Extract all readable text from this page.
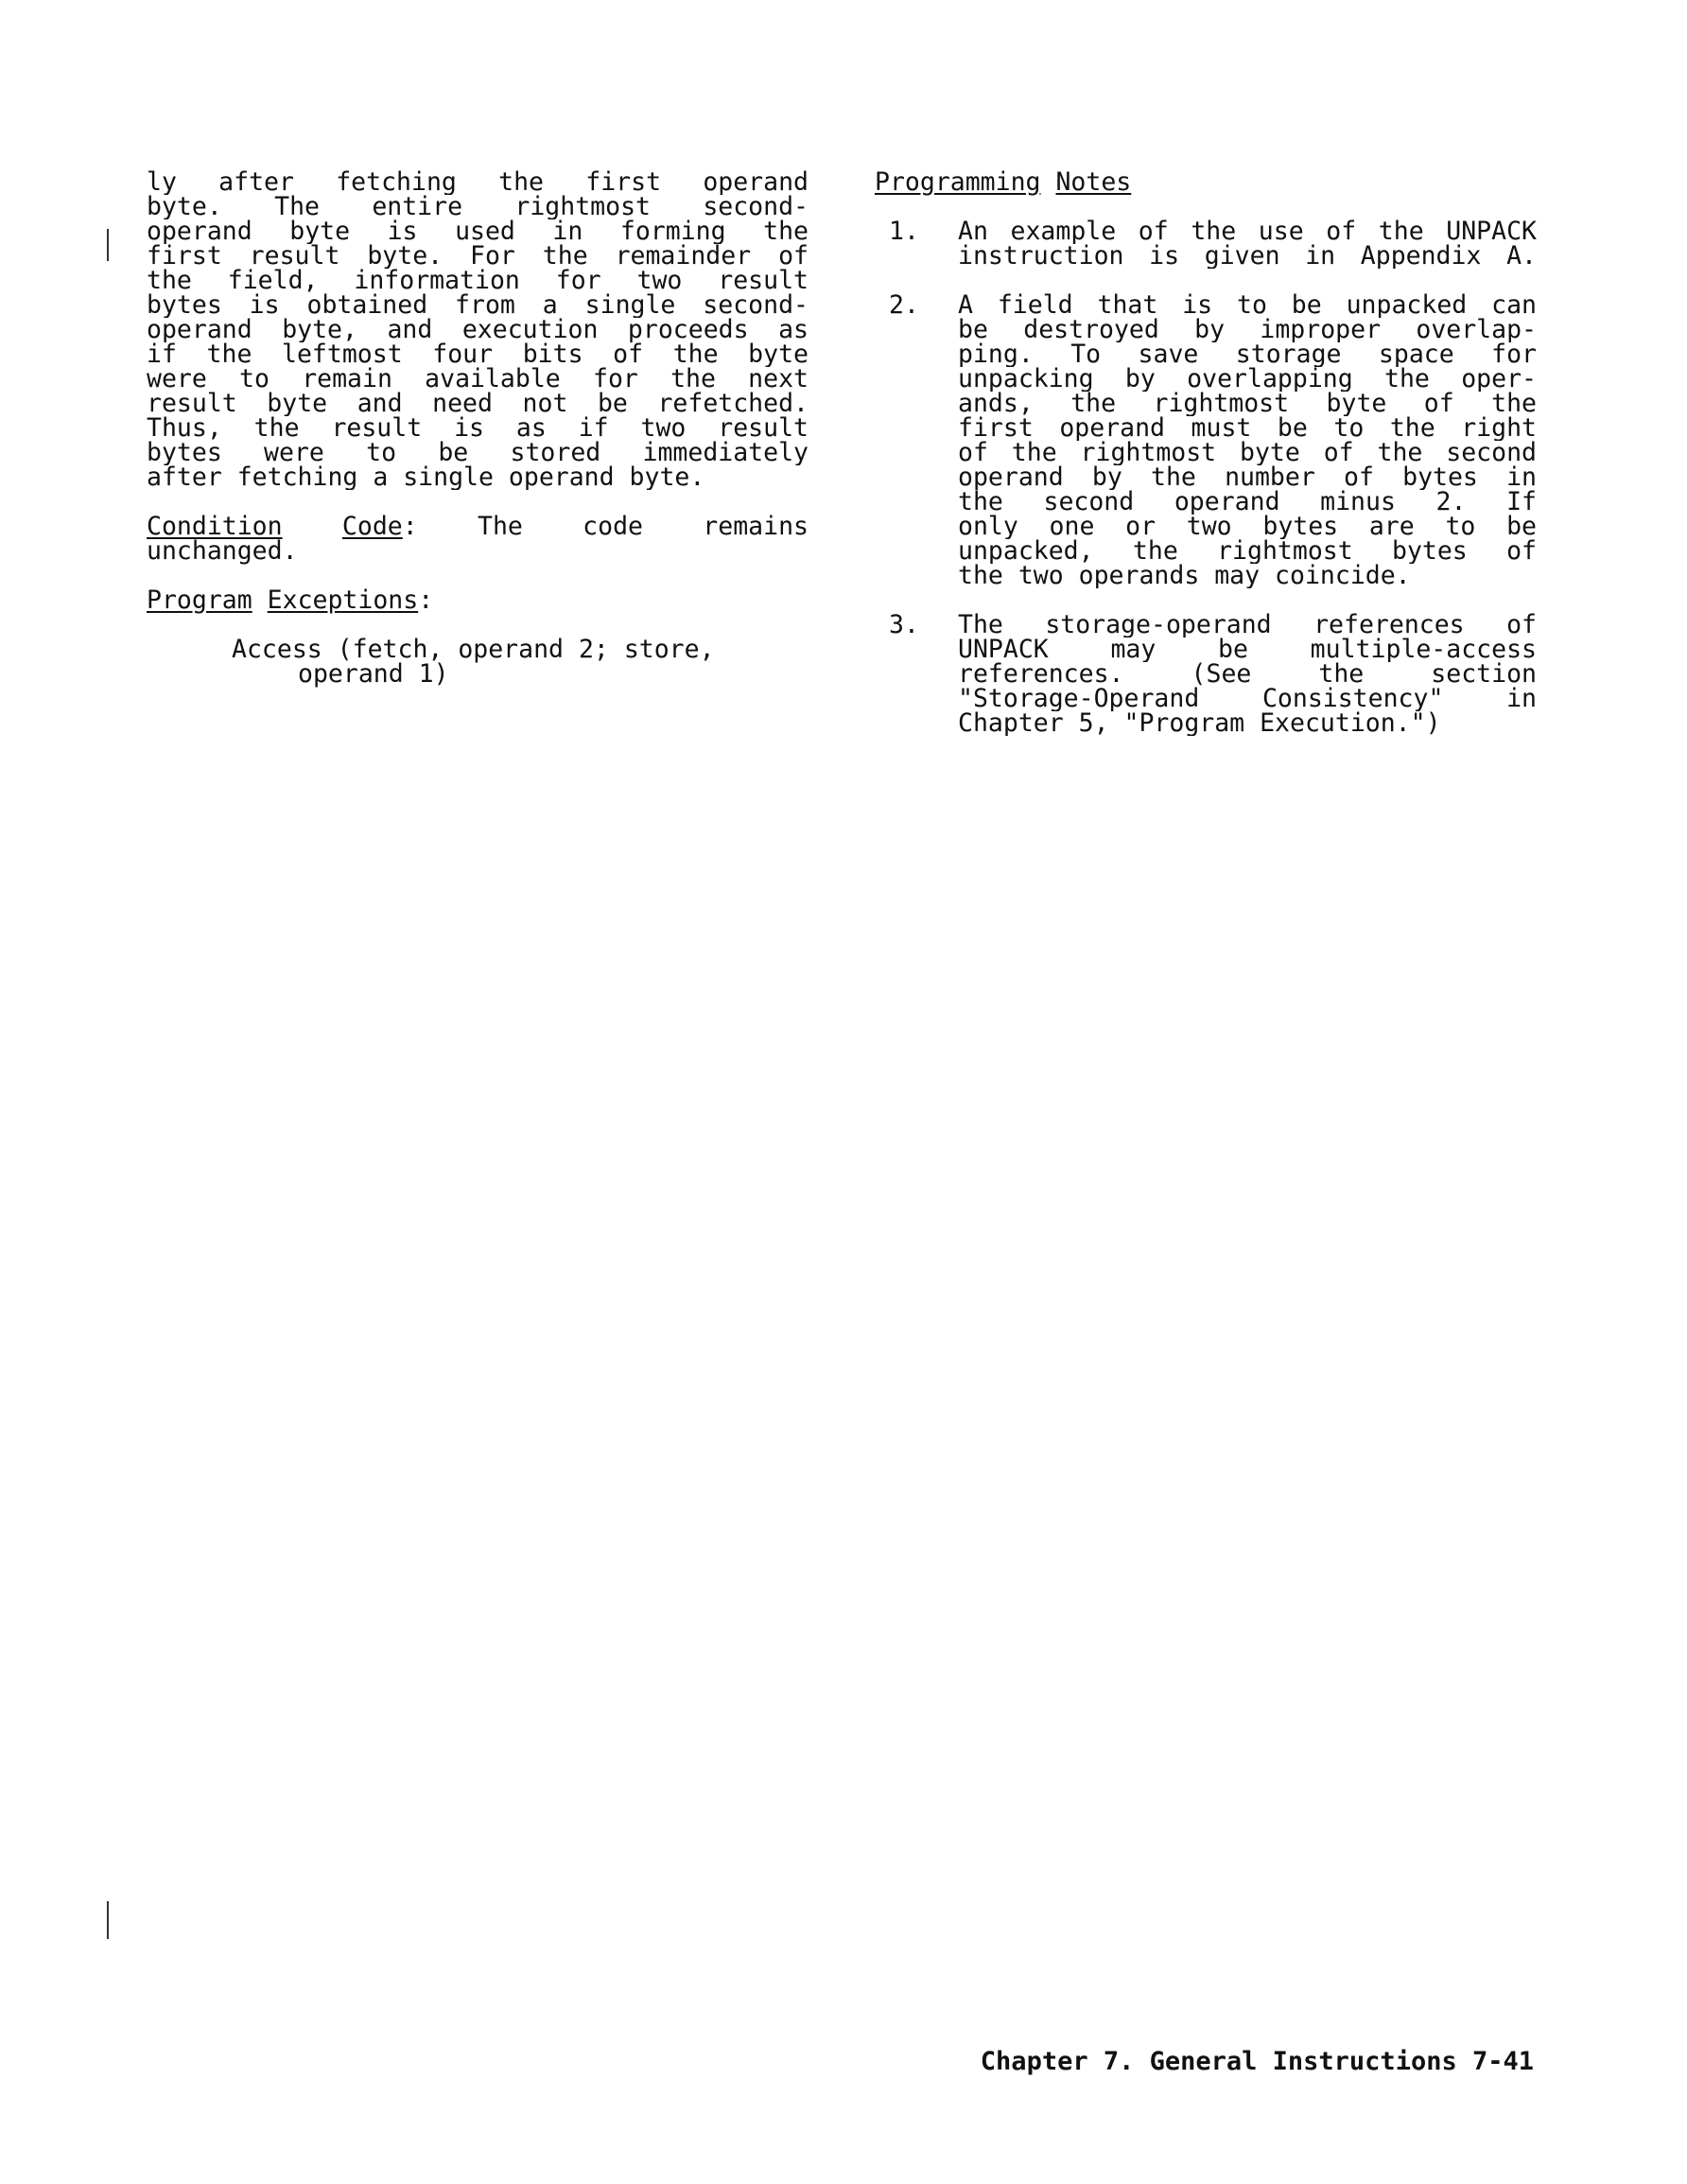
ly after fetching the first operand
byte. The entire rightmost second-
operand byte is used in forming the
first result byte. For the remainder of
the field, information for two result
bytes is obtained from a single second-
operand byte, and execution proceeds as
if the leftmost four bits of the byte
were to remain available for the next
result byte and need not be refetched.
Thus, the result is as if two result
bytes were to be stored immediately
after fetching a single operand byte.
Condition Code: The code remains
unchanged.
Program Exceptions:
Access (fetch, operand 2; store,
operand 1)
Programming Notes
1. An example of the use of the UNPACK
instruction is given in Appendix A.
2. A field that is to be unpacked can
be destroyed by improper overlap-
ping. To save storage space for
unpacking by overlapping the oper-
ands, the rightmost byte of the
first operand must be to the right
of the rightmost byte of the second
operand by the number of bytes in
the second operand minus 2. If
only one or two bytes are to be
unpacked, the rightmost bytes of
the two operands may coincide.
3. The storage-operand references of
UNPACK may be multiple-access
references. (See the section
"Storage-Operand Consistency" in
Chapter 5, "Program Execution.")
Chapter 7. General Instructions 7-41
